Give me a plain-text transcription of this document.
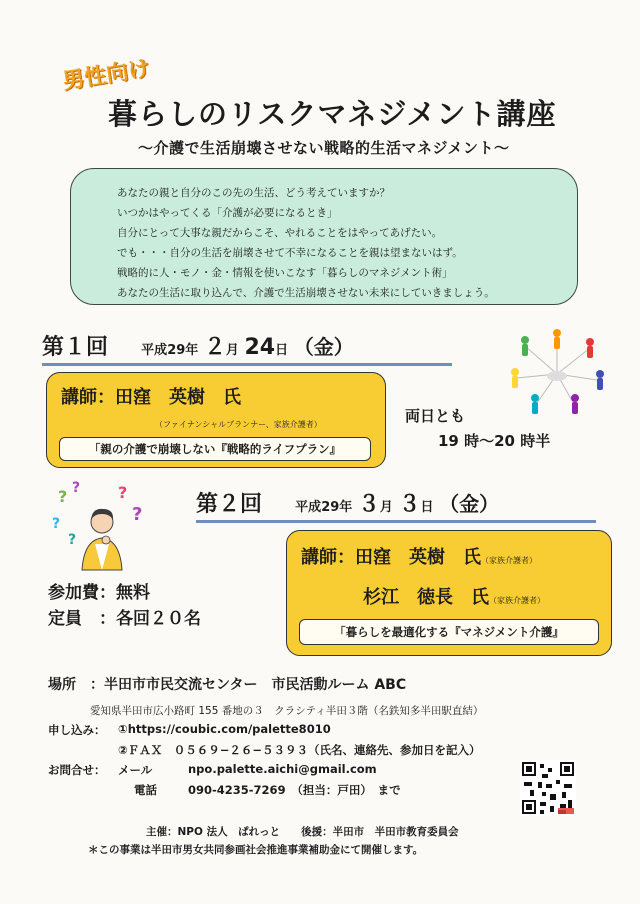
男性向け
暮らしのリスクマネジメント講座
〜介護で生活崩壊させない戦略的生活マネジメント〜
あなたの親と自分のこの先の生活、どう考えていますか？
いつかはやってくる「介護が必要になるとき」
自分にとって大事な親だからこそ、やれることをはやってあげたい。
でも・・・自分の生活を崩壊させて不幸になることを親は望まないはず。
戦略的に人・モノ・金・情報を使いこなす「暮らしのマネジメント術」
あなたの生活に取り込んで、介護で生活崩壊させない未来にしていきましょう。
第１回	平成29年 ２月 24日 （金）
講師：田窪　英樹　氏
（ファイナンシャルプランナー、家族介護者）
「親の介護で崩壊しない『戦略的ライフプラン』
両日とも
19 時〜20 時半
? ? ?
?
?
?
第２回	平成29年 ３月 ３日 （金）
講師：田窪　英樹　氏（家族介護者）
杉江　徳長　氏（家族介護者）
「暮らしを最適化する『マネジメント介護』
参加費：無料
定員　：各回２０名
場所　：半田市市民交流センター　市民活動ルーム ABC
愛知県半田市広小路町 155 番地の３　クラシティ半田３階（名鉄知多半田駅直結）
申し込み： ①https://coubic.com/palette8010
②ＦＡＸ　０５６９−２６−５３９３（氏名、連絡先、参加日を記入）
お問合せ： メール	npo.palette.aichi@gmail.com
電話	090-4235-7269　（担当：戸田）　まで
主催：NPO 法人　ぱれっと　　後援：半田市　半田市教育委員会
＊この事業は半田市男女共同参画社会推進事業補助金にて開催します。
